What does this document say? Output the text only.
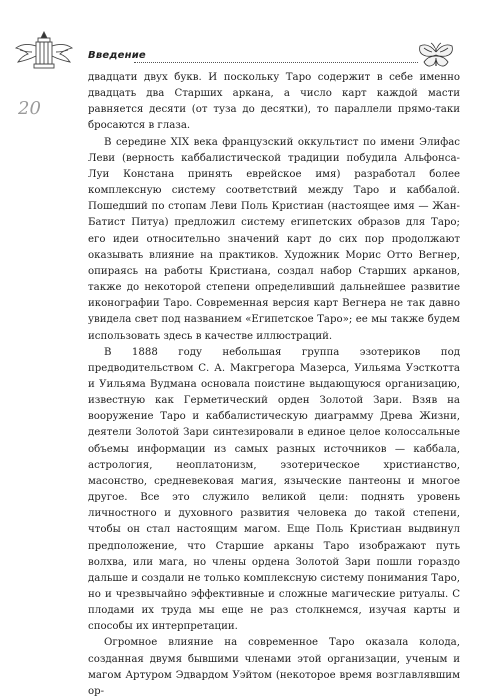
Введение
20

двадцати двух букв. И поскольку Таро содержит в себе именно двадцать два Старших аркана, а число карт каждой масти равняется десяти (от туза до десятки), то параллели прямо-таки бросаются в глаза.

В середине XIX века французский оккультист по имени Элифас Леви (верность каббалистической традиции побудила Альфонса-Луи Констана принять еврейское имя) разработал более комплексную систему соответствий между Таро и каббалой. Пошедший по стопам Леви Поль Кристиан (настоящее имя — Жан-Батист Питуа) предложил систему египетских образов для Таро; его идеи относительно значений карт до сих пор продолжают оказывать влияние на практиков. Художник Морис Отто Вегнер, опираясь на работы Кристиана, создал набор Старших арканов, также до некоторой степени определивший дальнейшее развитие иконографии Таро. Современная версия карт Вегнера не так давно увидела свет под названием «Египетское Таро»; ее мы также будем использовать здесь в качестве иллюстраций.

В 1888 году небольшая группа эзотериков под предводительством С. А. Макгрегора Мазерса, Уильяма Уэсткотта и Уильяма Вудмана основала поистине выдающуюся организацию, известную как Герметический орден Золотой Зари. Взяв на вооружение Таро и каббалистическую диаграмму Древа Жизни, деятели Золотой Зари синтезировали в единое целое колоссальные объемы информации из самых разных источников — каббала, астрология, неоплатонизм, эзотерическое христианство, масонство, средневековая магия, языческие пантеоны и многое другое. Все это служило великой цели: поднять уровень личностного и духовного развития человека до такой степени, чтобы он стал настоящим магом. Еще Поль Кристиан выдвинул предположение, что Старшие арканы Таро изображают путь волхва, или мага, но члены ордена Золотой Зари пошли гораздо дальше и создали не только комплексную систему понимания Таро, но и чрезвычайно эффективные и сложные магические ритуалы. С плодами их труда мы еще не раз столкнемся, изучая карты и способы их интерпретации.

Огромное влияние на современное Таро оказала колода, созданная двумя бывшими членами этой организации, ученым и магом Артуром Эдвардом Уэйтом (некоторое время возглавлявшим ор-
